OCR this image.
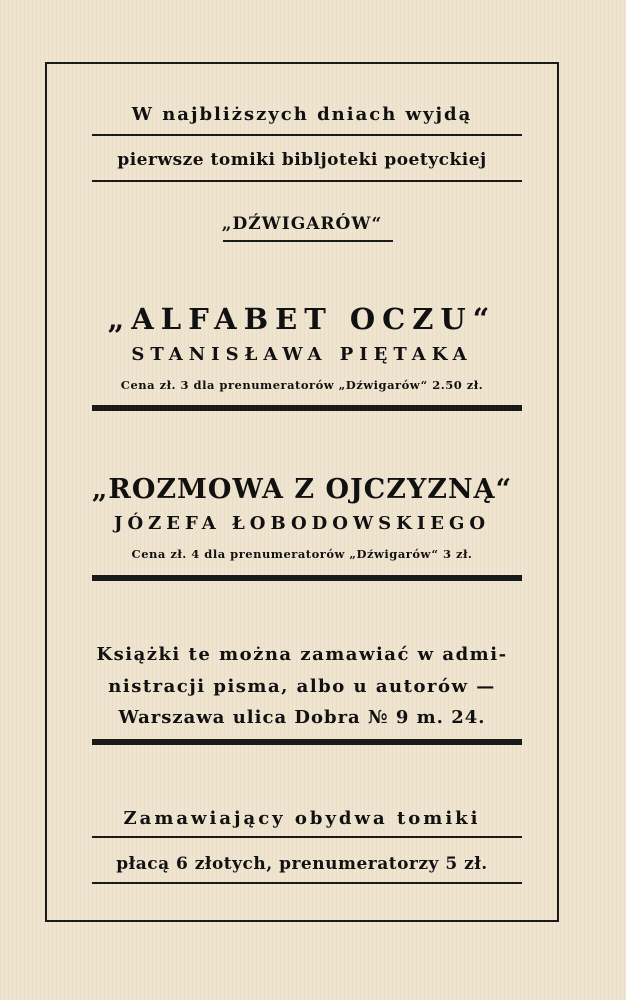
W najbliższych dniach wyjdą
pierwsze tomiki bibljoteki poetyckiej
„DŹWIGARÓW“
„ALFABET OCZU“
STANISŁAWA PIĘTAKA
Cena zł. 3 dla prenumeratorów „Dźwigarów“ 2.50 zł.
„ROZMOWA Z OJCZYZNĄ“
JÓZEFA ŁOBODOWSKIEGO
Cena zł. 4 dla prenumeratorów „Dźwigarów“ 3 zł.
Książki te można zamawiać w admi-
nistracji pisma, albo u autorów —
Warszawa ulica Dobra № 9 m. 24.
Zamawiający obydwa tomiki
płacą 6 złotych, prenumeratorzy 5 zł.
